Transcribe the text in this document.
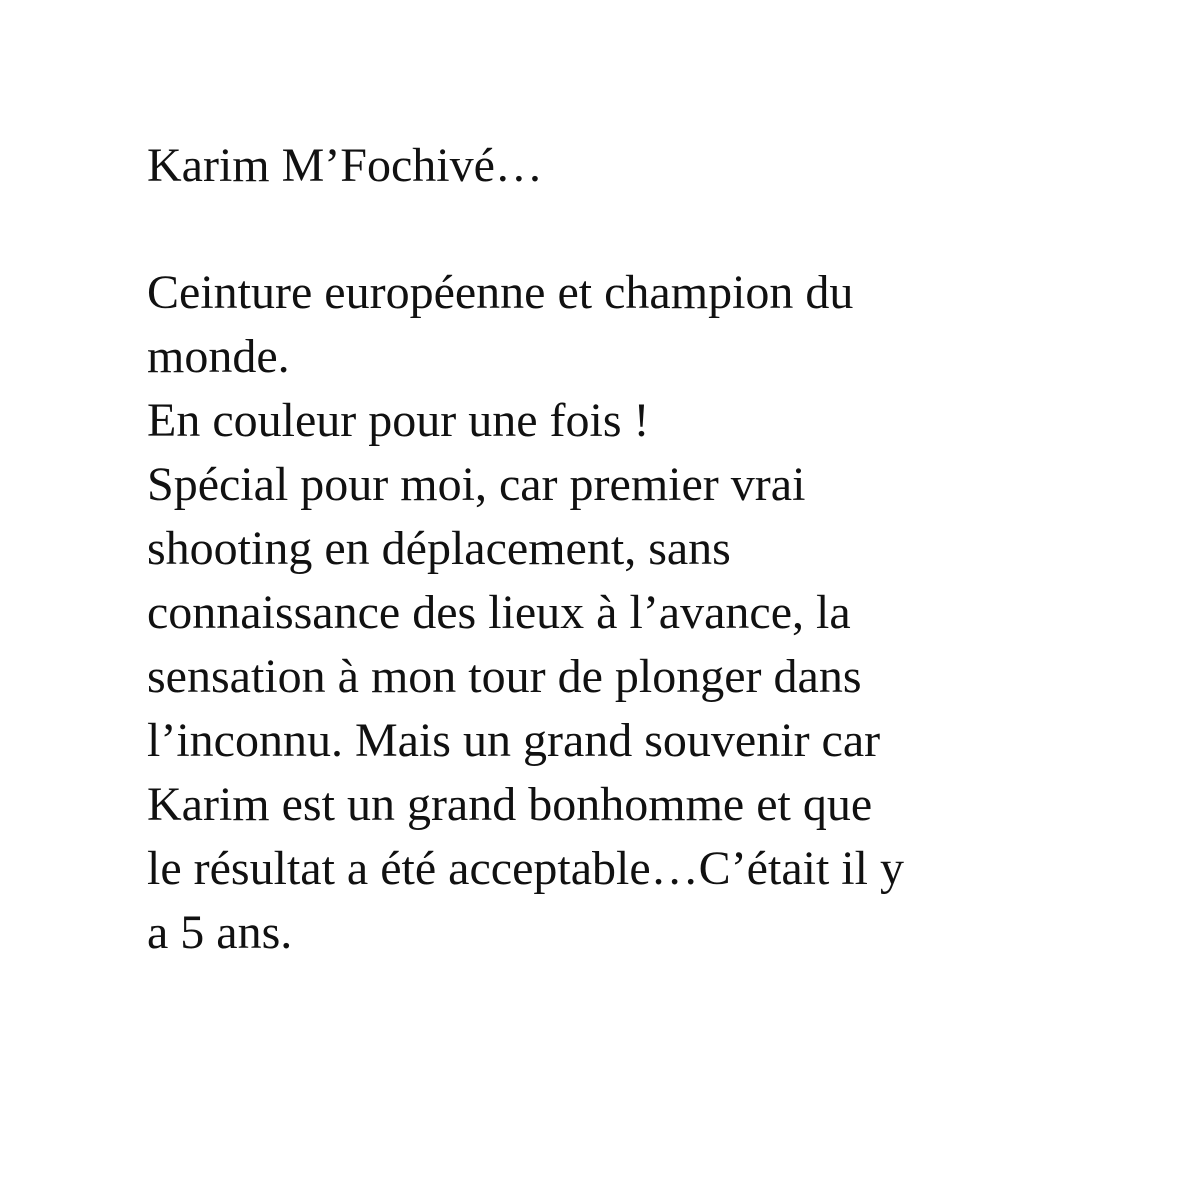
Karim M’Fochivé…
Ceinture européenne et champion du
monde.
En couleur pour une fois !
Spécial pour moi, car premier vrai
shooting en déplacement, sans
connaissance des lieux à l’avance, la
sensation à mon tour de plonger dans
l’inconnu. Mais un grand souvenir car
Karim est un grand bonhomme et que
le résultat a été acceptable…C’était il y
a 5 ans.
